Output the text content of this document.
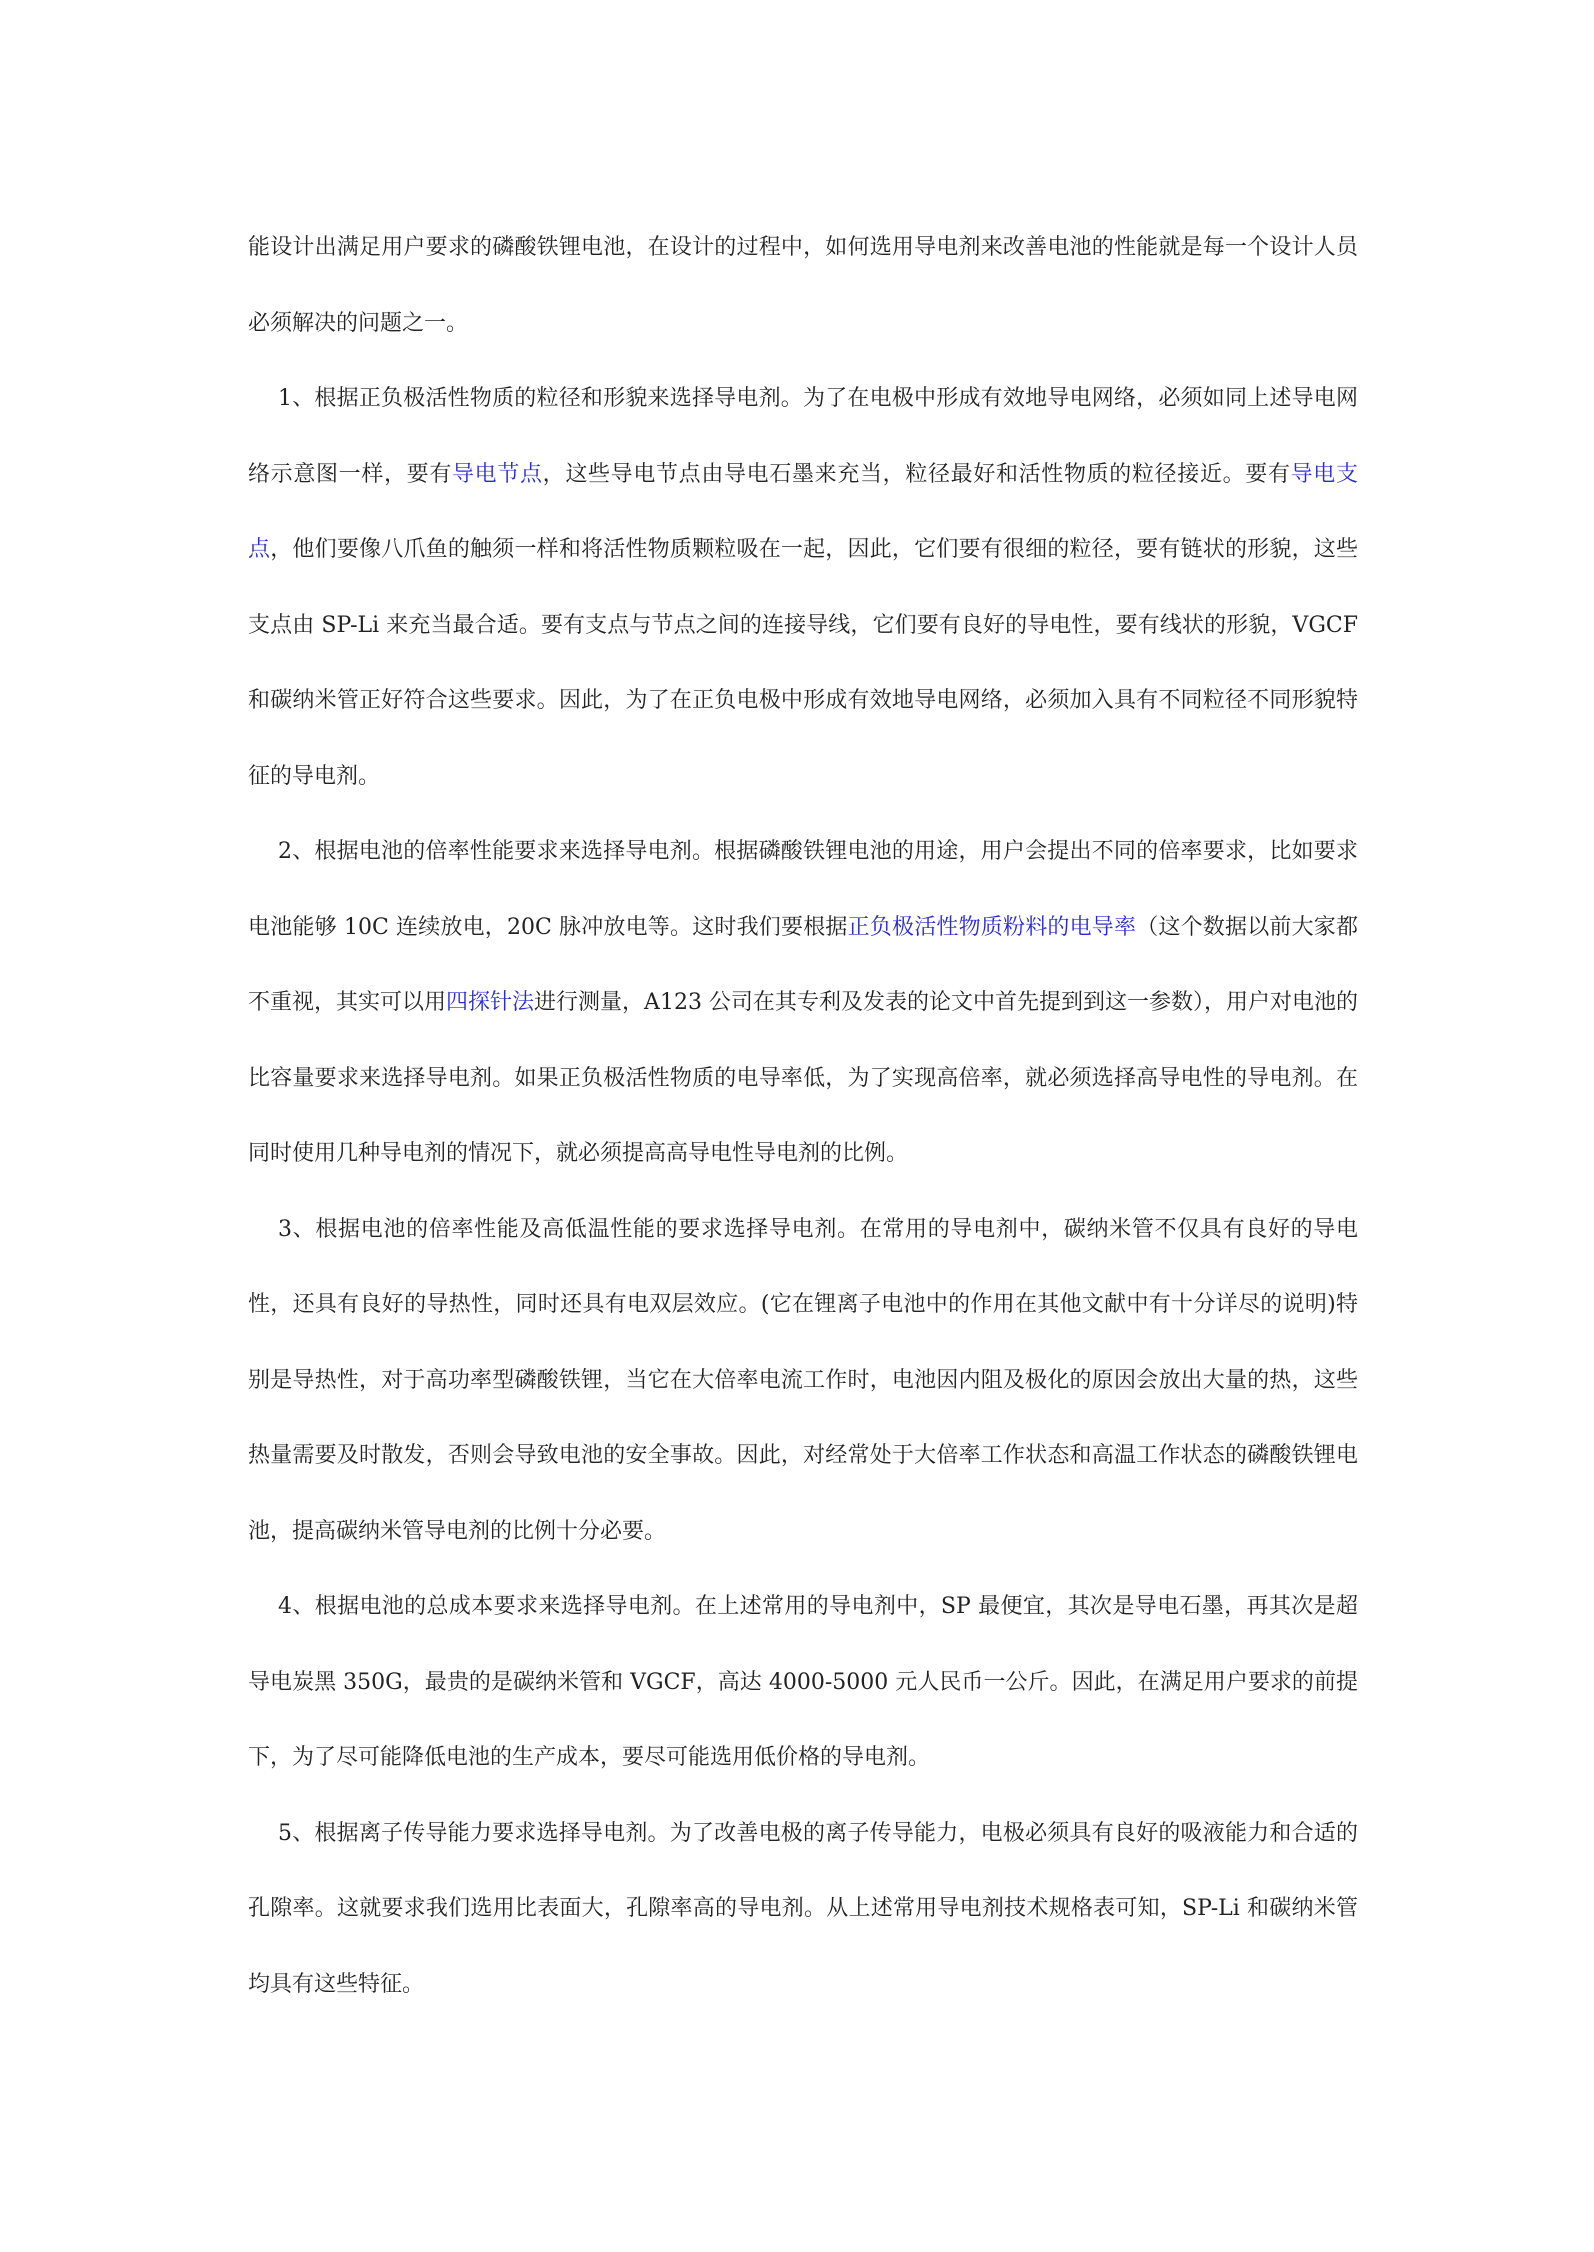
能设计出满足用户要求的磷酸铁锂电池，在设计的过程中，如何选用导电剂来改善电池的性能就是每一个设计人员必须解决的问题之一。

1、根据正负极活性物质的粒径和形貌来选择导电剂。为了在电极中形成有效地导电网络，必须如同上述导电网络示意图一样，要有导电节点，这些导电节点由导电石墨来充当，粒径最好和活性物质的粒径接近。要有导电支点，他们要像八爪鱼的触须一样和将活性物质颗粒吸在一起，因此，它们要有很细的粒径，要有链状的形貌，这些支点由 SP-Li 来充当最合适。要有支点与节点之间的连接导线，它们要有良好的导电性，要有线状的形貌，VGCF 和碳纳米管正好符合这些要求。因此，为了在正负电极中形成有效地导电网络，必须加入具有不同粒径不同形貌特征的导电剂。

2、根据电池的倍率性能要求来选择导电剂。根据磷酸铁锂电池的用途，用户会提出不同的倍率要求，比如要求电池能够 10C 连续放电，20C 脉冲放电等。这时我们要根据正负极活性物质粉料的电导率（这个数据以前大家都不重视，其实可以用四探针法进行测量，A123 公司在其专利及发表的论文中首先提到到这一参数），用户对电池的比容量要求来选择导电剂。如果正负极活性物质的电导率低，为了实现高倍率，就必须选择高导电性的导电剂。在同时使用几种导电剂的情况下，就必须提高高导电性导电剂的比例。

3、根据电池的倍率性能及高低温性能的要求选择导电剂。在常用的导电剂中，碳纳米管不仅具有良好的导电性，还具有良好的导热性，同时还具有电双层效应。(它在锂离子电池中的作用在其他文献中有十分详尽的说明)特别是导热性，对于高功率型磷酸铁锂，当它在大倍率电流工作时，电池因内阻及极化的原因会放出大量的热，这些热量需要及时散发，否则会导致电池的安全事故。因此，对经常处于大倍率工作状态和高温工作状态的磷酸铁锂电池，提高碳纳米管导电剂的比例十分必要。

4、根据电池的总成本要求来选择导电剂。在上述常用的导电剂中，SP 最便宜，其次是导电石墨，再其次是超导电炭黑 350G，最贵的是碳纳米管和 VGCF，高达 4000-5000 元人民币一公斤。因此，在满足用户要求的前提下，为了尽可能降低电池的生产成本，要尽可能选用低价格的导电剂。

5、根据离子传导能力要求选择导电剂。为了改善电极的离子传导能力，电极必须具有良好的吸液能力和合适的孔隙率。这就要求我们选用比表面大，孔隙率高的导电剂。从上述常用导电剂技术规格表可知，SP-Li 和碳纳米管均具有这些特征。
